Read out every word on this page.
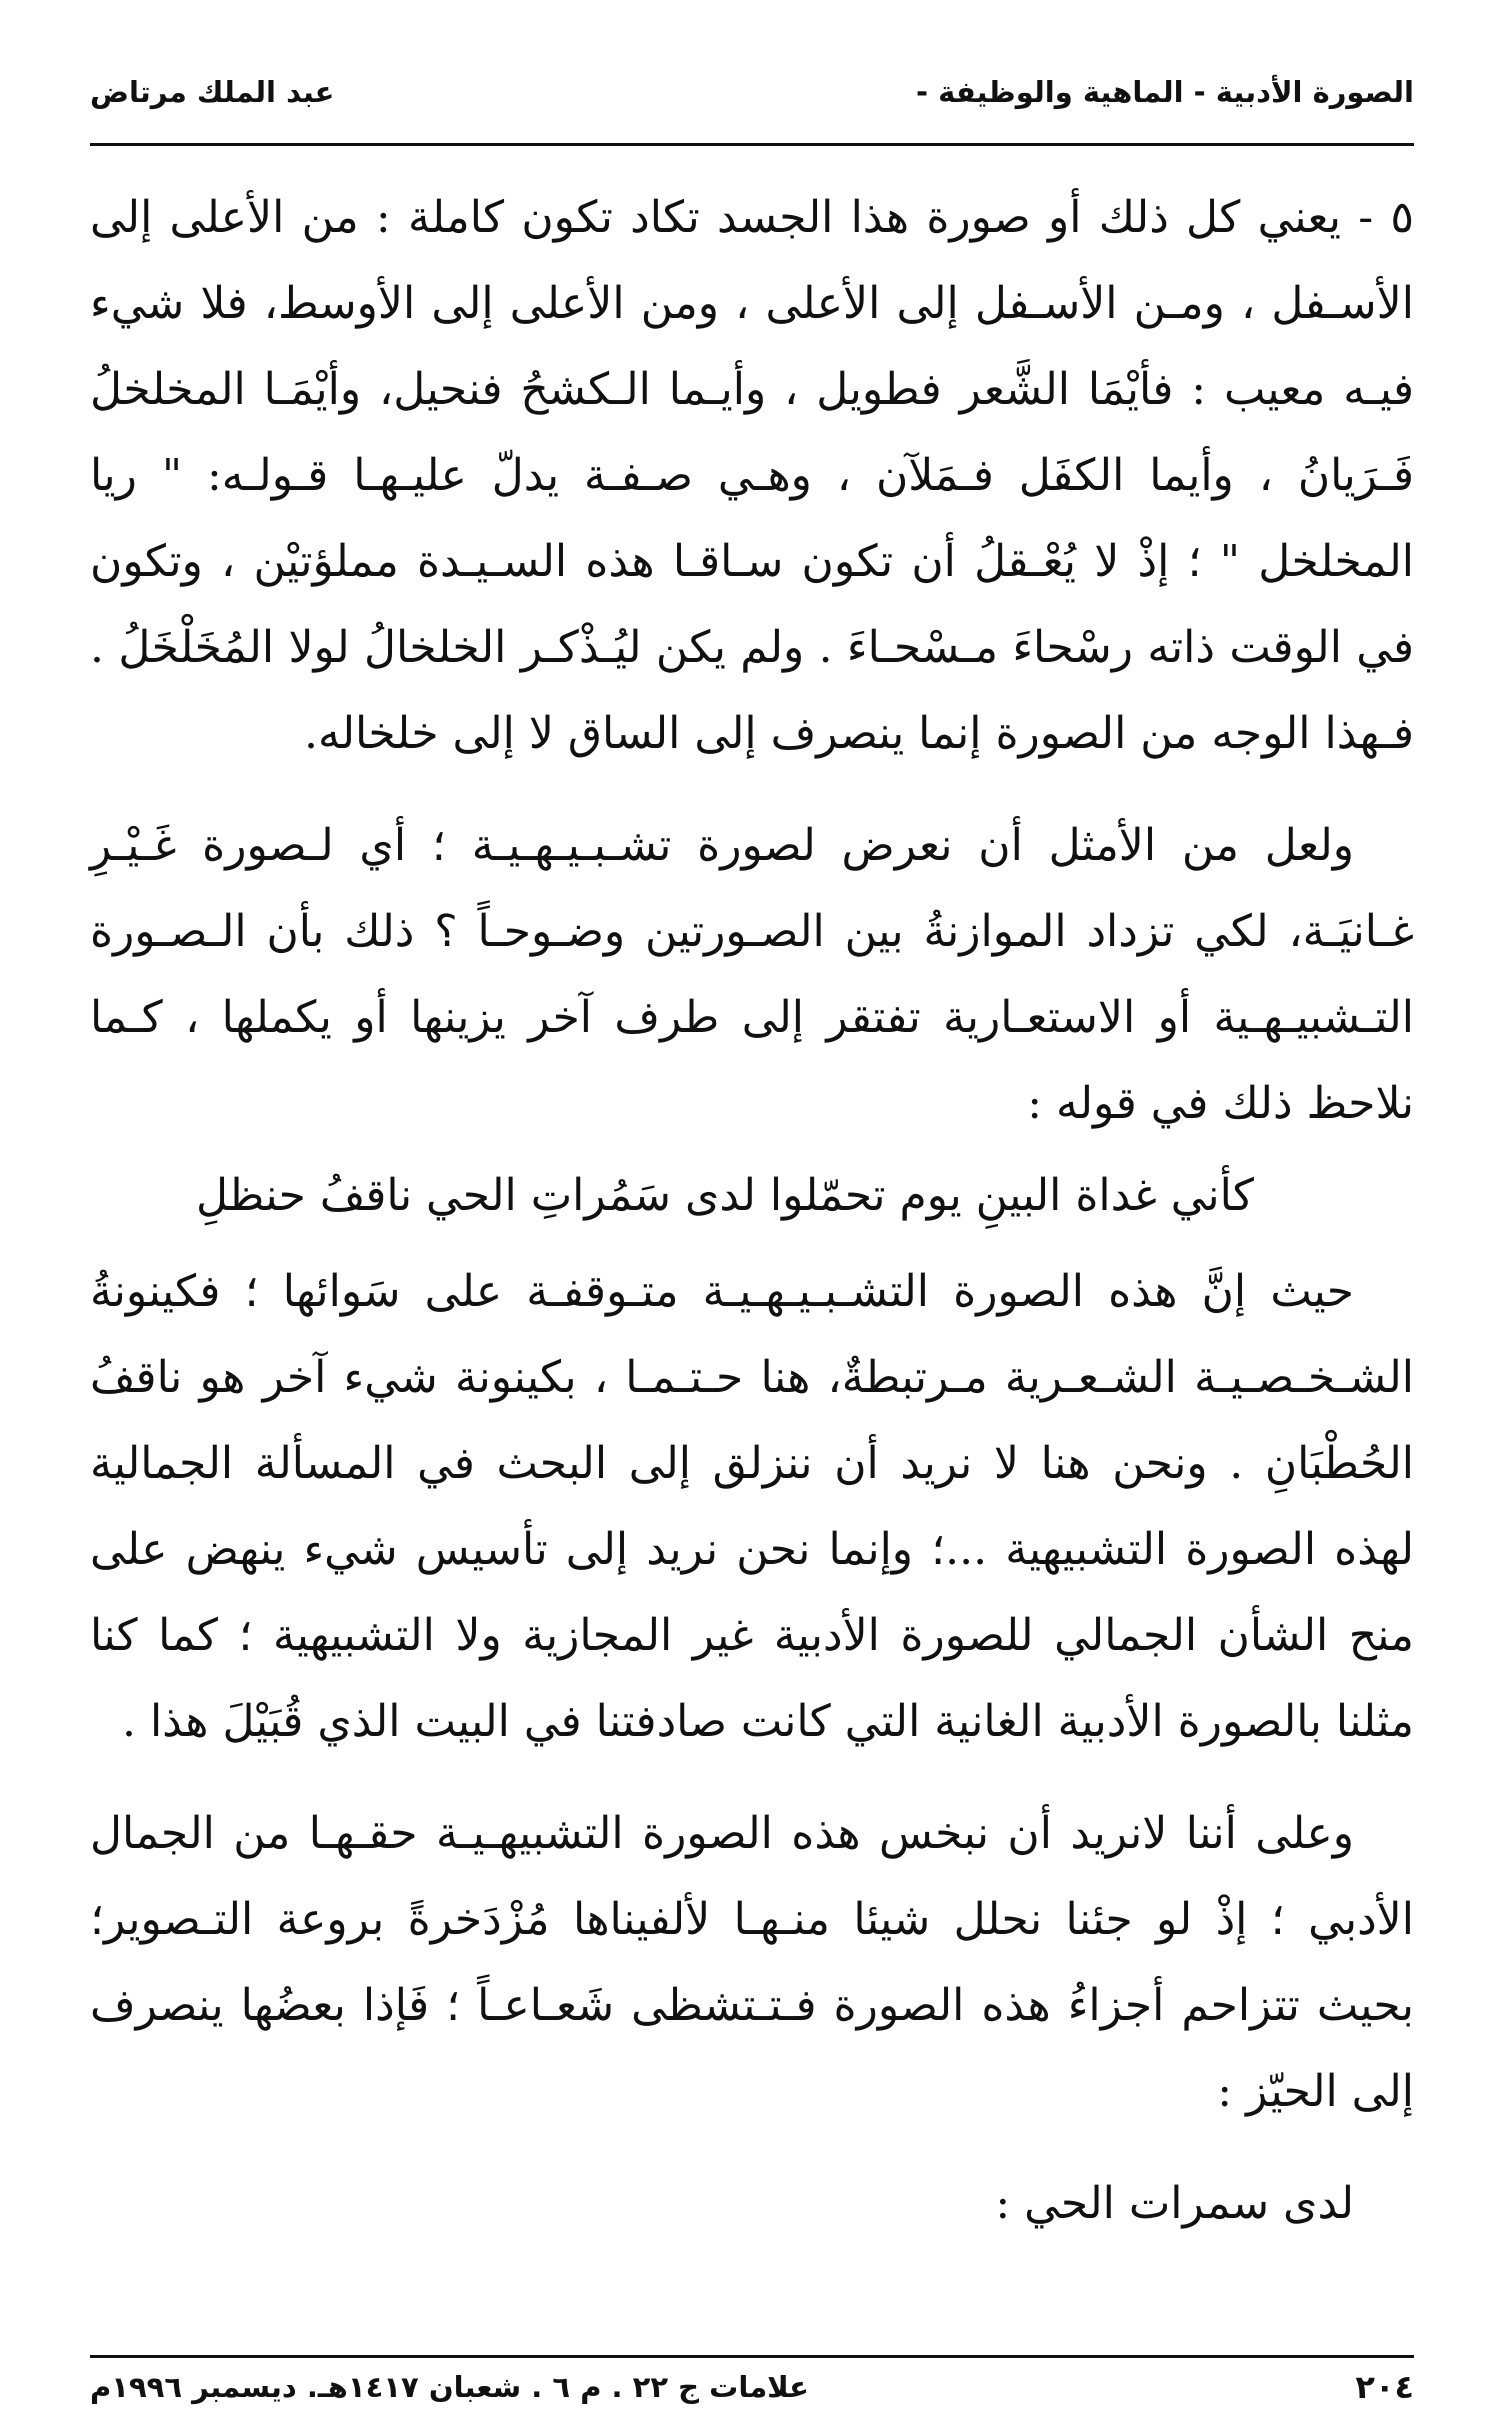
الصورة الأدبية - الماهية والوظيفة -
عبد الملك مرتاض

٥ - يعني كل ذلك أو صورة هذا الجسد تكاد تكون كاملة : من الأعلى إلى الأسـفل ، ومـن الأسـفل إلى الأعلى ، ومن الأعلى إلى الأوسط، فلا شيء فيـه معيب : فأيْمَا الشَّعر فطويل ، وأيـما الـكشحُ فنحيل، وأيْمَـا المخلخلُ فَـرَيانُ ، وأيما الكفَل فـمَلآن ، وهـي صـفـة يدلّ عليـهـا قـولـه: " ريا المخلخل " ؛ إذْ لا يُعْـقلُ أن تكون سـاقـا هذه السـيـدة مملؤتيْن ، وتكون في الوقت ذاته رسْحاءَ مـسْحـاءَ . ولم يكن ليُـذْكـر الخلخالُ لولا المُخَلْخَلُ . فـهذا الوجه من الصورة إنما ينصرف إلى الساق لا إلى خلخاله.

ولعل من الأمثل أن نعرض لصورة تشـبـيـهـيـة ؛ أي لـصورة غَـيْـرِ غـانيَـة، لكي تزداد الموازنةُ بين الصـورتين وضـوحـاً ؟ ذلك بأن الـصـورة التـشبيـهـية أو الاستعـارية تفتقر إلى طرف آخر يزينها أو يكملها ، كـما نلاحظ ذلك في قوله :

كأني غداة البينِ يوم تحمّلوا لدى سَمُراتِ الحي ناقفُ حنظلِ

حيث إنَّ هذه الصورة التشـبـيـهـيـة متـوقفـة على سَوائها ؛ فكينونةُ الشـخـصـيـة الشـعـرية مـرتبطةٌ، هنا حـتـمـا ، بكينونة شيء آخر هو ناقفُ الحُطْبَانِ . ونحن هنا لا نريد أن ننزلق إلى البحث في المسألة الجمالية لهذه الصورة التشبيهية ...؛ وإنما نحن نريد إلى تأسيس شيء ينهض على منح الشأن الجمالي للصورة الأدبية غير المجازية ولا التشبيهية ؛ كما كنا مثلنا بالصورة الأدبية الغانية التي كانت صادفتنا في البيت الذي قُبَيْلَ هذا .

وعلى أننا لانريد أن نبخس هذه الصورة التشبيهـيـة حقـهـا من الجمال الأدبي ؛ إذْ لو جئنا نحلل شيئا منـهـا لألفيناها مُزْدَخرةً بروعة التـصوير؛ بحيث تتزاحم أجزاءُ هذه الصورة فـتـتشظى شَعـاعـاً ؛ فَإذا بعضُها ينصرف إلى الحيّز :

لدى سمرات الحي :

٢٠٤
علامات ج ٢٢ . م ٦ . شعبان ١٤١٧هـ. ديسمبر ١٩٩٦م
